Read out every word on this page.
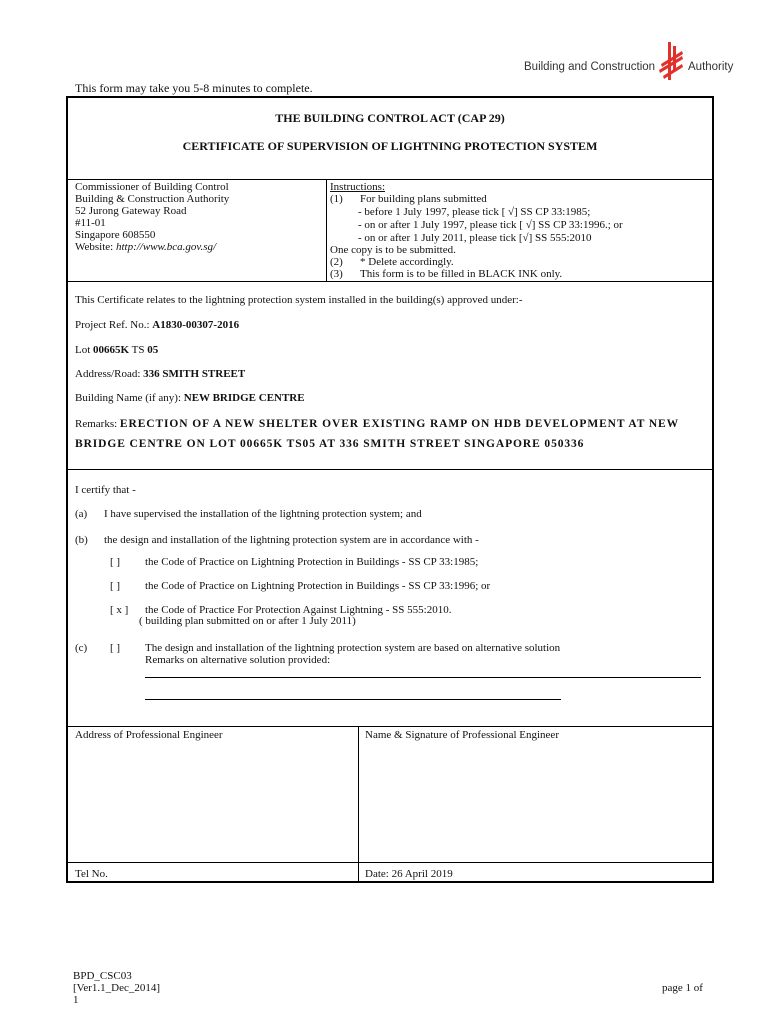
Building and Construction	Authority
This form may take you 5-8 minutes to complete.
THE BUILDING CONTROL ACT (CAP 29)
CERTIFICATE OF SUPERVISION OF LIGHTNING PROTECTION SYSTEM
Commissioner of Building Control
Building & Construction Authority
52 Jurong Gateway Road
#11-01
Singapore 608550
Website: http://www.bca.gov.sg/
Instructions:
(1) For building plans submitted
- before 1 July 1997, please tick [ √] SS CP 33:1985;
- on or after 1 July 1997, please tick [ √] SS CP 33:1996.; or
- on or after 1 July 2011, please tick [√] SS 555:2010
One copy is to be submitted.
(2) * Delete accordingly.
(3) This form is to be filled in BLACK INK only.
This Certificate relates to the lightning protection system installed in the building(s) approved under:-
Project Ref. No.: A1830-00307-2016
Lot 00665K TS 05
Address/Road: 336 SMITH STREET
Building Name (if any): NEW BRIDGE CENTRE
Remarks: ERECTION OF A NEW SHELTER OVER EXISTING RAMP ON HDB DEVELOPMENT AT NEW
BRIDGE CENTRE ON LOT 00665K TS05 AT 336 SMITH STREET SINGAPORE 050336
I certify that -
(a) I have supervised the installation of the lightning protection system; and
(b) the design and installation of the lightning protection system are in accordance with -
[ ] the Code of Practice on Lightning Protection in Buildings - SS CP 33:1985;
[ ] the Code of Practice on Lightning Protection in Buildings - SS CP 33:1996; or
[ x ] the Code of Practice For Protection Against Lightning - SS 555:2010.
( building plan submitted on or after 1 July 2011)
(c) [ ] The design and installation of the lightning protection system are based on alternative solution
Remarks on alternative solution provided:
Address of Professional Engineer	Name & Signature of Professional Engineer
Tel No.	Date: 26 April 2019
BPD_CSC03
[Ver1.1_Dec_2014]
1
page 1 of
